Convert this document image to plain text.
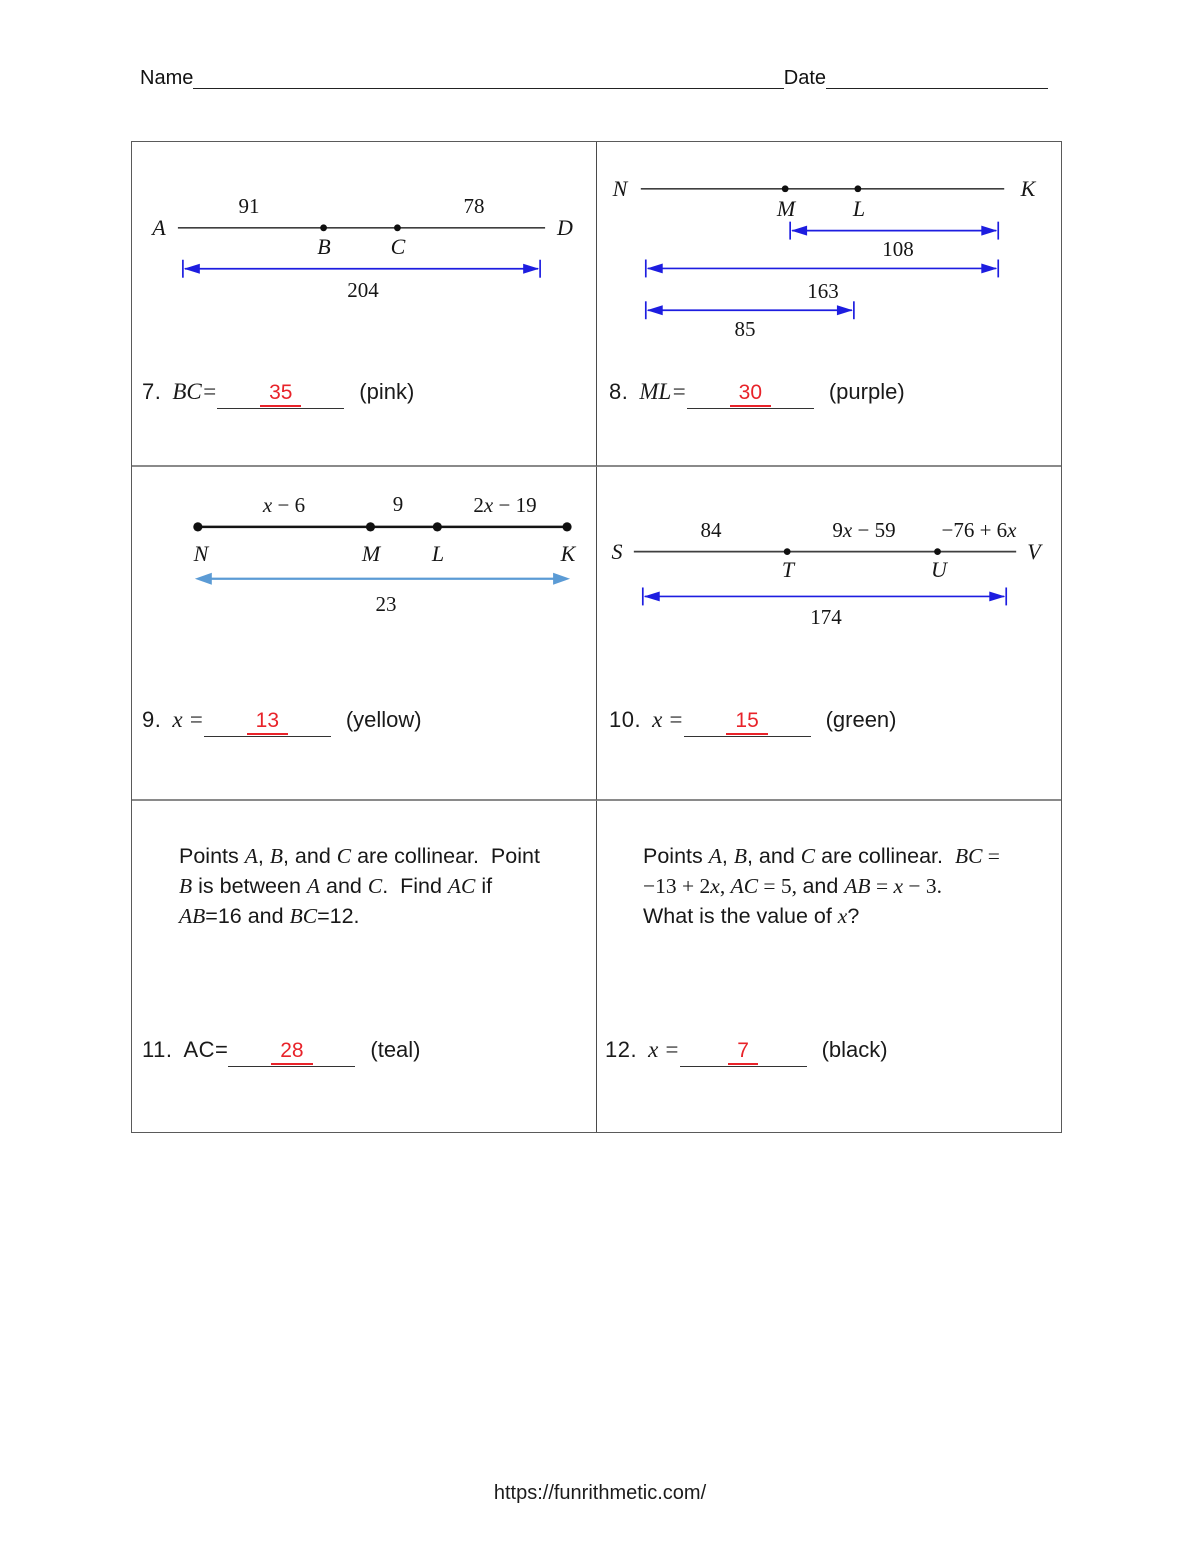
Name	Date
A	D
B	C
91	78
204
7. BC=	35	(pink)
N	K
M	L
108
163
85
8. ML=	30	(purple)
x − 6	9	2x − 19
N	M L	K
23
9. x =	13	(yellow)
84	9x − 59 −76 + 6x
S	V
T	U
174
10. x =	15	(green)
Points A, B, and C are collinear.  Point
B is between A and C.  Find AC if
AB=16 and BC=12.
11. AC=	28	(teal)
Points A, B, and C are collinear.  BC =
−13 + 2x, AC = 5, and AB = x − 3.
What is the value of x?
12. x =	7	(black)
https://funrithmetic.com/
